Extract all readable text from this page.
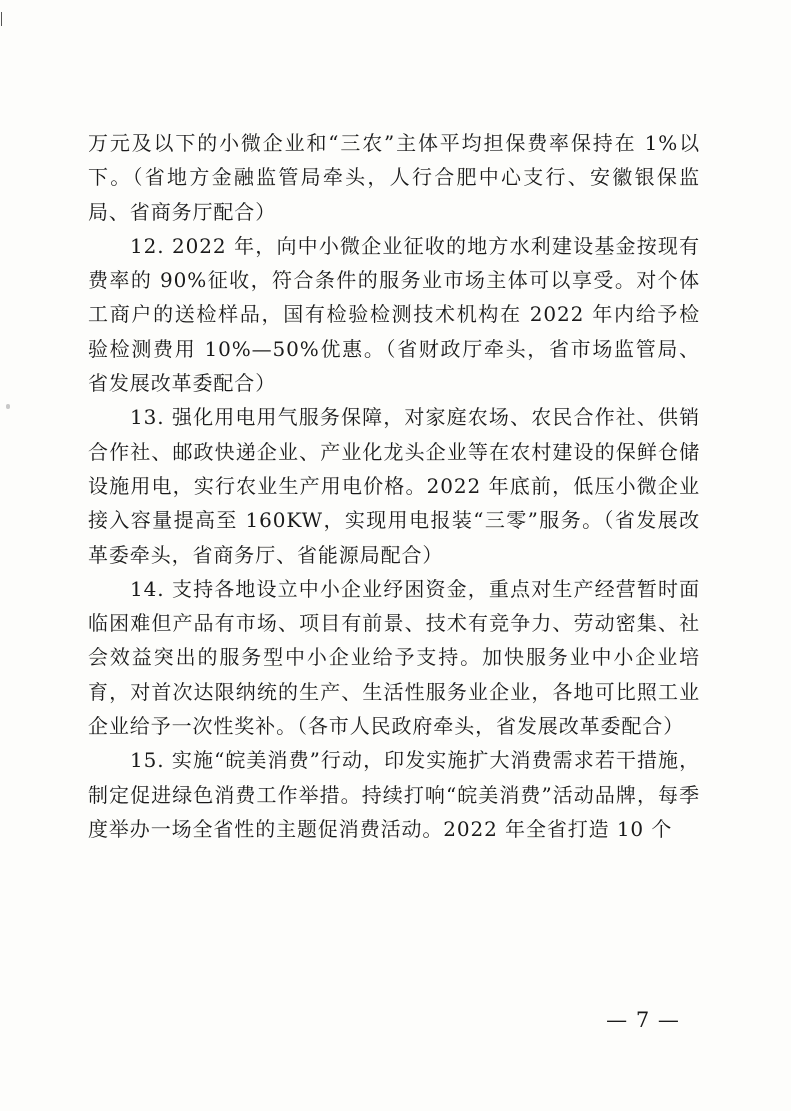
万元及以下的小微企业和“三农”主体平均担保费率保持在 1%以下。（省地方金融监管局牵头，人行合肥中心支行、安徽银保监局、省商务厅配合）

12. 2022 年，向中小微企业征收的地方水利建设基金按现有费率的 90%征收，符合条件的服务业市场主体可以享受。对个体工商户的送检样品，国有检验检测技术机构在 2022 年内给予检验检测费用 10%—50%优惠。（省财政厅牵头，省市场监管局、省发展改革委配合）

13. 强化用电用气服务保障，对家庭农场、农民合作社、供销合作社、邮政快递企业、产业化龙头企业等在农村建设的保鲜仓储设施用电，实行农业生产用电价格。2022 年底前，低压小微企业接入容量提高至 160KW，实现用电报装“三零”服务。（省发展改革委牵头，省商务厅、省能源局配合）

14. 支持各地设立中小企业纾困资金，重点对生产经营暂时面临困难但产品有市场、项目有前景、技术有竞争力、劳动密集、社会效益突出的服务型中小企业给予支持。加快服务业中小企业培育，对首次达限纳统的生产、生活性服务业企业，各地可比照工业企业给予一次性奖补。（各市人民政府牵头，省发展改革委配合）

15. 实施“皖美消费”行动，印发实施扩大消费需求若干措施，制定促进绿色消费工作举措。持续打响“皖美消费”活动品牌，每季度举办一场全省性的主题促消费活动。2022 年全省打造 10 个

— 7 —
